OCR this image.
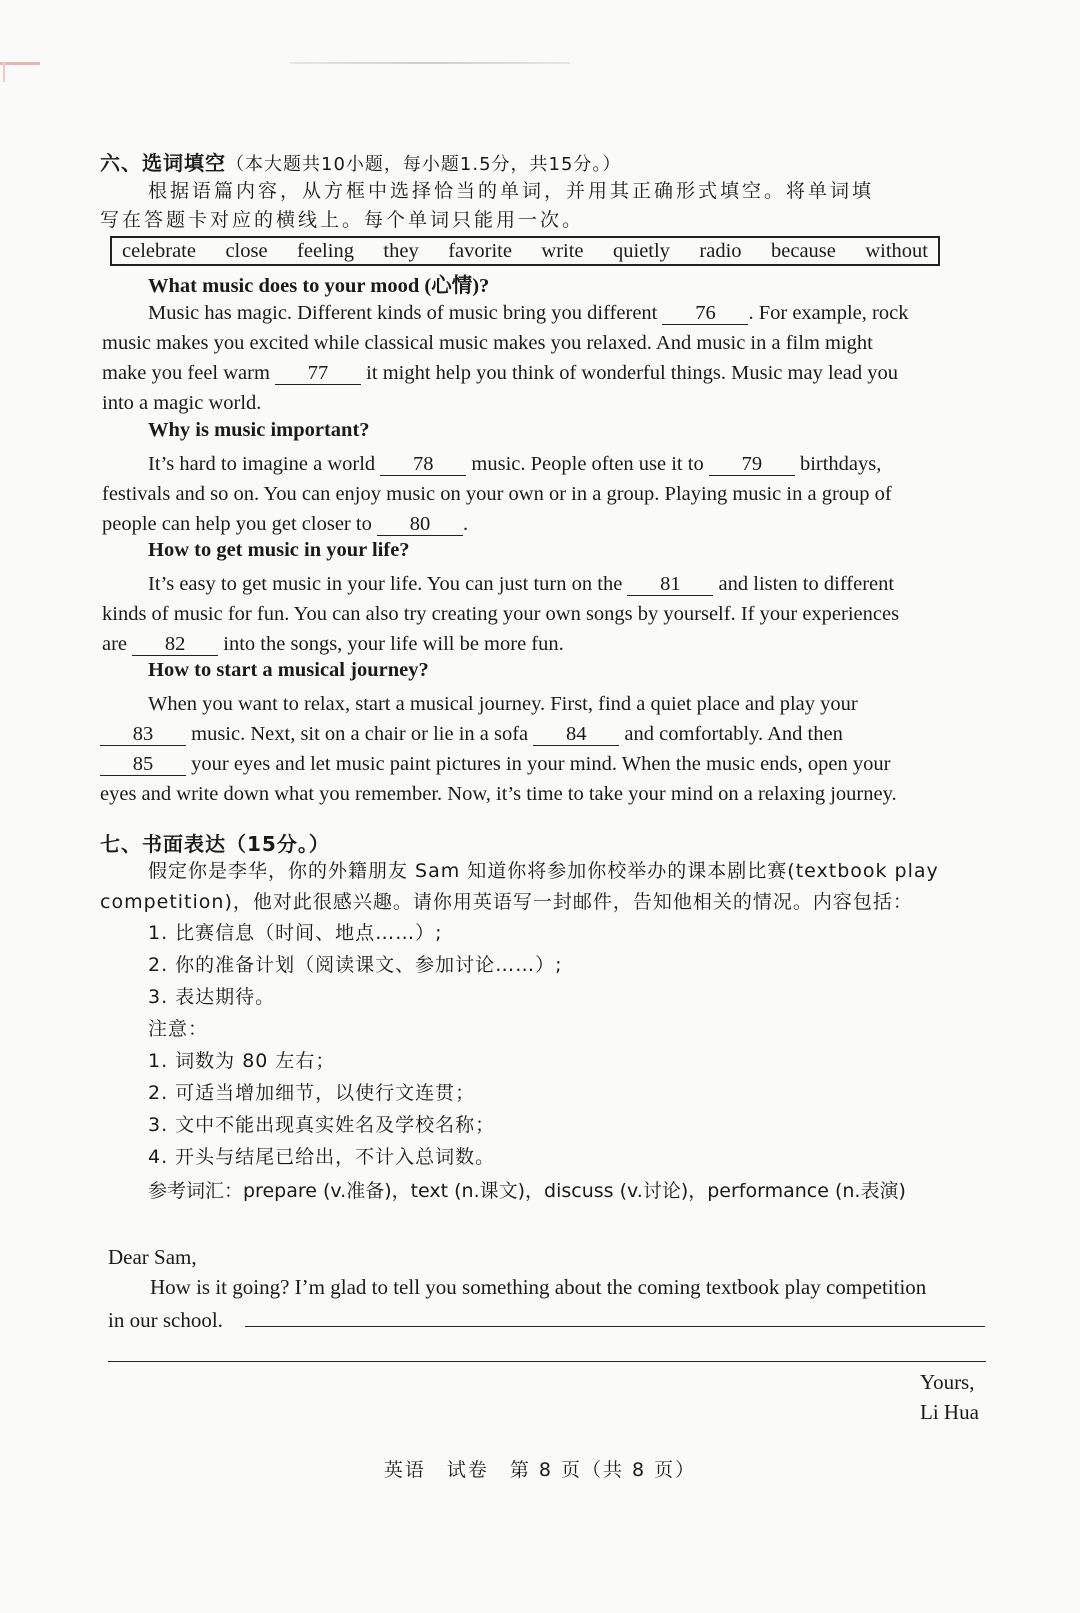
六、选词填空（本大题共10小题，每小题1.5分，共15分。）
根据语篇内容，从方框中选择恰当的单词，并用其正确形式填空。将单词填
写在答题卡对应的横线上。每个单词只能用一次。
celebrate close feeling they favorite write quietly radio because without
What music does to your mood (心情)?
Music has magic. Different kinds of music bring you different 76 . For example, rock
music makes you excited while classical music makes you relaxed. And music in a film might
make you feel warm 77 it might help you think of wonderful things. Music may lead you
into a magic world.
Why is music important?
It’s hard to imagine a world 78 music. People often use it to 79 birthdays,
festivals and so on. You can enjoy music on your own or in a group. Playing music in a group of
people can help you get closer to 80 .
How to get music in your life?
It’s easy to get music in your life. You can just turn on the 81 and listen to different
kinds of music for fun. You can also try creating your own songs by yourself. If your experiences
are 82 into the songs, your life will be more fun.
How to start a musical journey?
When you want to relax, start a musical journey. First, find a quiet place and play your
83 music. Next, sit on a chair or lie in a sofa 84 and comfortably. And then
85 your eyes and let music paint pictures in your mind. When the music ends, open your
eyes and write down what you remember. Now, it’s time to take your mind on a relaxing journey.
七、书面表达（15分。）
假定你是李华，你的外籍朋友 Sam 知道你将参加你校举办的课本剧比赛(textbook play
competition)，他对此很感兴趣。请你用英语写一封邮件，告知他相关的情况。内容包括：
1. 比赛信息（时间、地点……）;
2. 你的准备计划（阅读课文、参加讨论……）;
3. 表达期待。
注意：
1. 词数为 80 左右；
2. 可适当增加细节，以使行文连贯；
3. 文中不能出现真实姓名及学校名称；
4. 开头与结尾已给出，不计入总词数。
参考词汇：prepare (v.准备)，text (n.课文)，discuss (v.讨论)，performance (n.表演)
Dear Sam,
How is it going? I’m glad to tell you something about the coming textbook play competition
in our school.
Yours,
Li Hua
英语　试卷　第 8 页（共 8 页）
